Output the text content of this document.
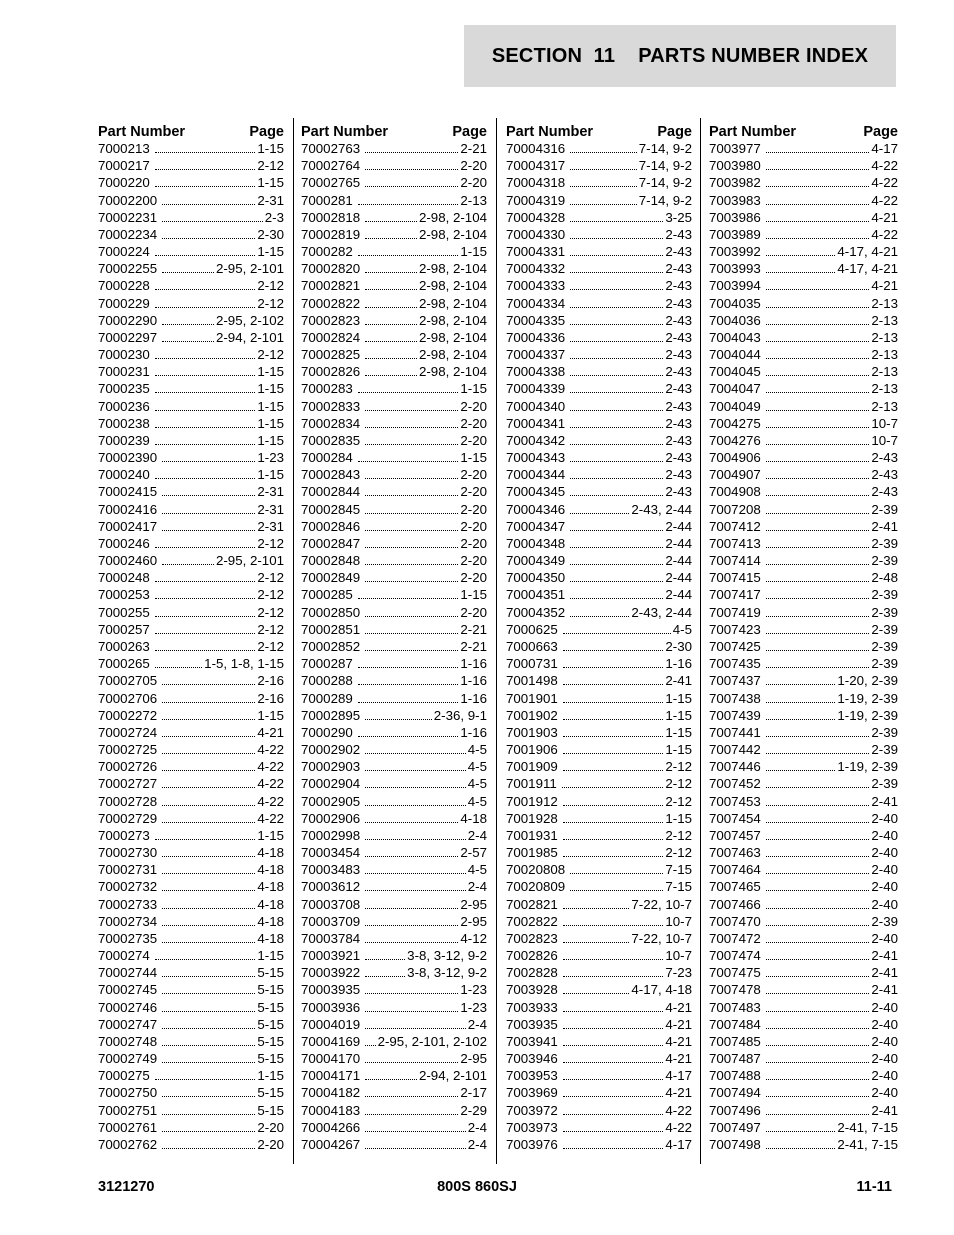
SECTION  11
PARTS NUMBER INDEX
Part Number	Page
7000213	1-15
7000217	2-12
7000220	1-15
70002200	2-31
70002231	2-3
70002234	2-30
7000224	1-15
70002255	2-95, 2-101
7000228	2-12
7000229	2-12
70002290	2-95, 2-102
70002297	2-94, 2-101
7000230	2-12
7000231	1-15
7000235	1-15
7000236	1-15
7000238	1-15
7000239	1-15
70002390	1-23
7000240	1-15
70002415	2-31
70002416	2-31
70002417	2-31
7000246	2-12
70002460	2-95, 2-101
7000248	2-12
7000253	2-12
7000255	2-12
7000257	2-12
7000263	2-12
7000265	1-5, 1-8, 1-15
70002705	2-16
70002706	2-16
70002272	1-15
70002724	4-21
70002725	4-22
70002726	4-22
70002727	4-22
70002728	4-22
70002729	4-22
7000273	1-15
70002730	4-18
70002731	4-18
70002732	4-18
70002733	4-18
70002734	4-18
70002735	4-18
7000274	1-15
70002744	5-15
70002745	5-15
70002746	5-15
70002747	5-15
70002748	5-15
70002749	5-15
7000275	1-15
70002750	5-15
70002751	5-15
70002761	2-20
70002762	2-20
Part Number	Page
70002763	2-21
70002764	2-20
70002765	2-20
7000281	2-13
70002818	2-98, 2-104
70002819	2-98, 2-104
7000282	1-15
70002820	2-98, 2-104
70002821	2-98, 2-104
70002822	2-98, 2-104
70002823	2-98, 2-104
70002824	2-98, 2-104
70002825	2-98, 2-104
70002826	2-98, 2-104
7000283	1-15
70002833	2-20
70002834	2-20
70002835	2-20
7000284	1-15
70002843	2-20
70002844	2-20
70002845	2-20
70002846	2-20
70002847	2-20
70002848	2-20
70002849	2-20
7000285	1-15
70002850	2-20
70002851	2-21
70002852	2-21
7000287	1-16
7000288	1-16
7000289	1-16
70002895	2-36, 9-1
7000290	1-16
70002902	4-5
70002903	4-5
70002904	4-5
70002905	4-5
70002906	4-18
70002998	2-4
70003454	2-57
70003483	4-5
70003612	2-4
70003708	2-95
70003709	2-95
70003784	4-12
70003921	3-8, 3-12, 9-2
70003922	3-8, 3-12, 9-2
70003935	1-23
70003936	1-23
70004019	2-4
70004169 2-95, 2-101, 2-102
70004170	2-95
70004171	2-94, 2-101
70004182	2-17
70004183	2-29
70004266	2-4
70004267	2-4
Part Number	Page
70004316	7-14, 9-2
70004317	7-14, 9-2
70004318	7-14, 9-2
70004319	7-14, 9-2
70004328	3-25
70004330	2-43
70004331	2-43
70004332	2-43
70004333	2-43
70004334	2-43
70004335	2-43
70004336	2-43
70004337	2-43
70004338	2-43
70004339	2-43
70004340	2-43
70004341	2-43
70004342	2-43
70004343	2-43
70004344	2-43
70004345	2-43
70004346	2-43, 2-44
70004347	2-44
70004348	2-44
70004349	2-44
70004350	2-44
70004351	2-44
70004352	2-43, 2-44
7000625	4-5
7000663	2-30
7000731	1-16
7001498	2-41
7001901	1-15
7001902	1-15
7001903	1-15
7001906	1-15
7001909	2-12
7001911	2-12
7001912	2-12
7001928	1-15
7001931	2-12
7001985	2-12
70020808	7-15
70020809	7-15
7002821	7-22, 10-7
7002822	10-7
7002823	7-22, 10-7
7002826	10-7
7002828	7-23
7003928	4-17, 4-18
7003933	4-21
7003935	4-21
7003941	4-21
7003946	4-21
7003953	4-17
7003969	4-21
7003972	4-22
7003973	4-22
7003976	4-17
Part Number	Page
7003977	4-17
7003980	4-22
7003982	4-22
7003983	4-22
7003986	4-21
7003989	4-22
7003992	4-17, 4-21
7003993	4-17, 4-21
7003994	4-21
7004035	2-13
7004036	2-13
7004043	2-13
7004044	2-13
7004045	2-13
7004047	2-13
7004049	2-13
7004275	10-7
7004276	10-7
7004906	2-43
7004907	2-43
7004908	2-43
7007208	2-39
7007412	2-41
7007413	2-39
7007414	2-39
7007415	2-48
7007417	2-39
7007419	2-39
7007423	2-39
7007425	2-39
7007435	2-39
7007437	1-20, 2-39
7007438	1-19, 2-39
7007439	1-19, 2-39
7007441	2-39
7007442	2-39
7007446	1-19, 2-39
7007452	2-39
7007453	2-41
7007454	2-40
7007457	2-40
7007463	2-40
7007464	2-40
7007465	2-40
7007466	2-40
7007470	2-39
7007472	2-40
7007474	2-41
7007475	2-41
7007478	2-41
7007483	2-40
7007484	2-40
7007485	2-40
7007487	2-40
7007488	2-40
7007494	2-40
7007496	2-41
7007497	2-41, 7-15
7007498	2-41, 7-15
3121270	800S 860SJ	11-11
